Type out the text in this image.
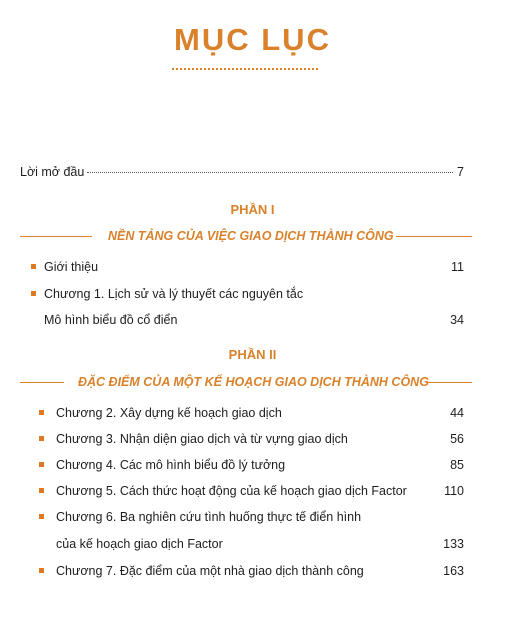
MỤC LỤC
Lời mở đầu	7
PHẦN I
NỀN TẢNG CỦA VIỆC GIAO DỊCH THÀNH CÔNG
Giới thiệu	11
Chương 1. Lịch sử và lý thuyết các nguyên tắc
Mô hình biểu đồ cổ điển	34
PHẦN II
ĐẶC ĐIỂM CỦA MỘT KẾ HOẠCH GIAO DỊCH THÀNH CÔNG
Chương 2. Xây dựng kế hoạch giao dịch	44
Chương 3. Nhận diện giao dịch và từ vựng giao dịch	56
Chương 4. Các mô hình biểu đồ lý tưởng	85
Chương 5. Cách thức hoạt động của kế hoạch giao dịch Factor	110
Chương 6. Ba nghiên cứu tình huống thực tế điển hình
của kế hoạch giao dịch Factor	133
Chương 7. Đặc điểm của một nhà giao dịch thành công	163
